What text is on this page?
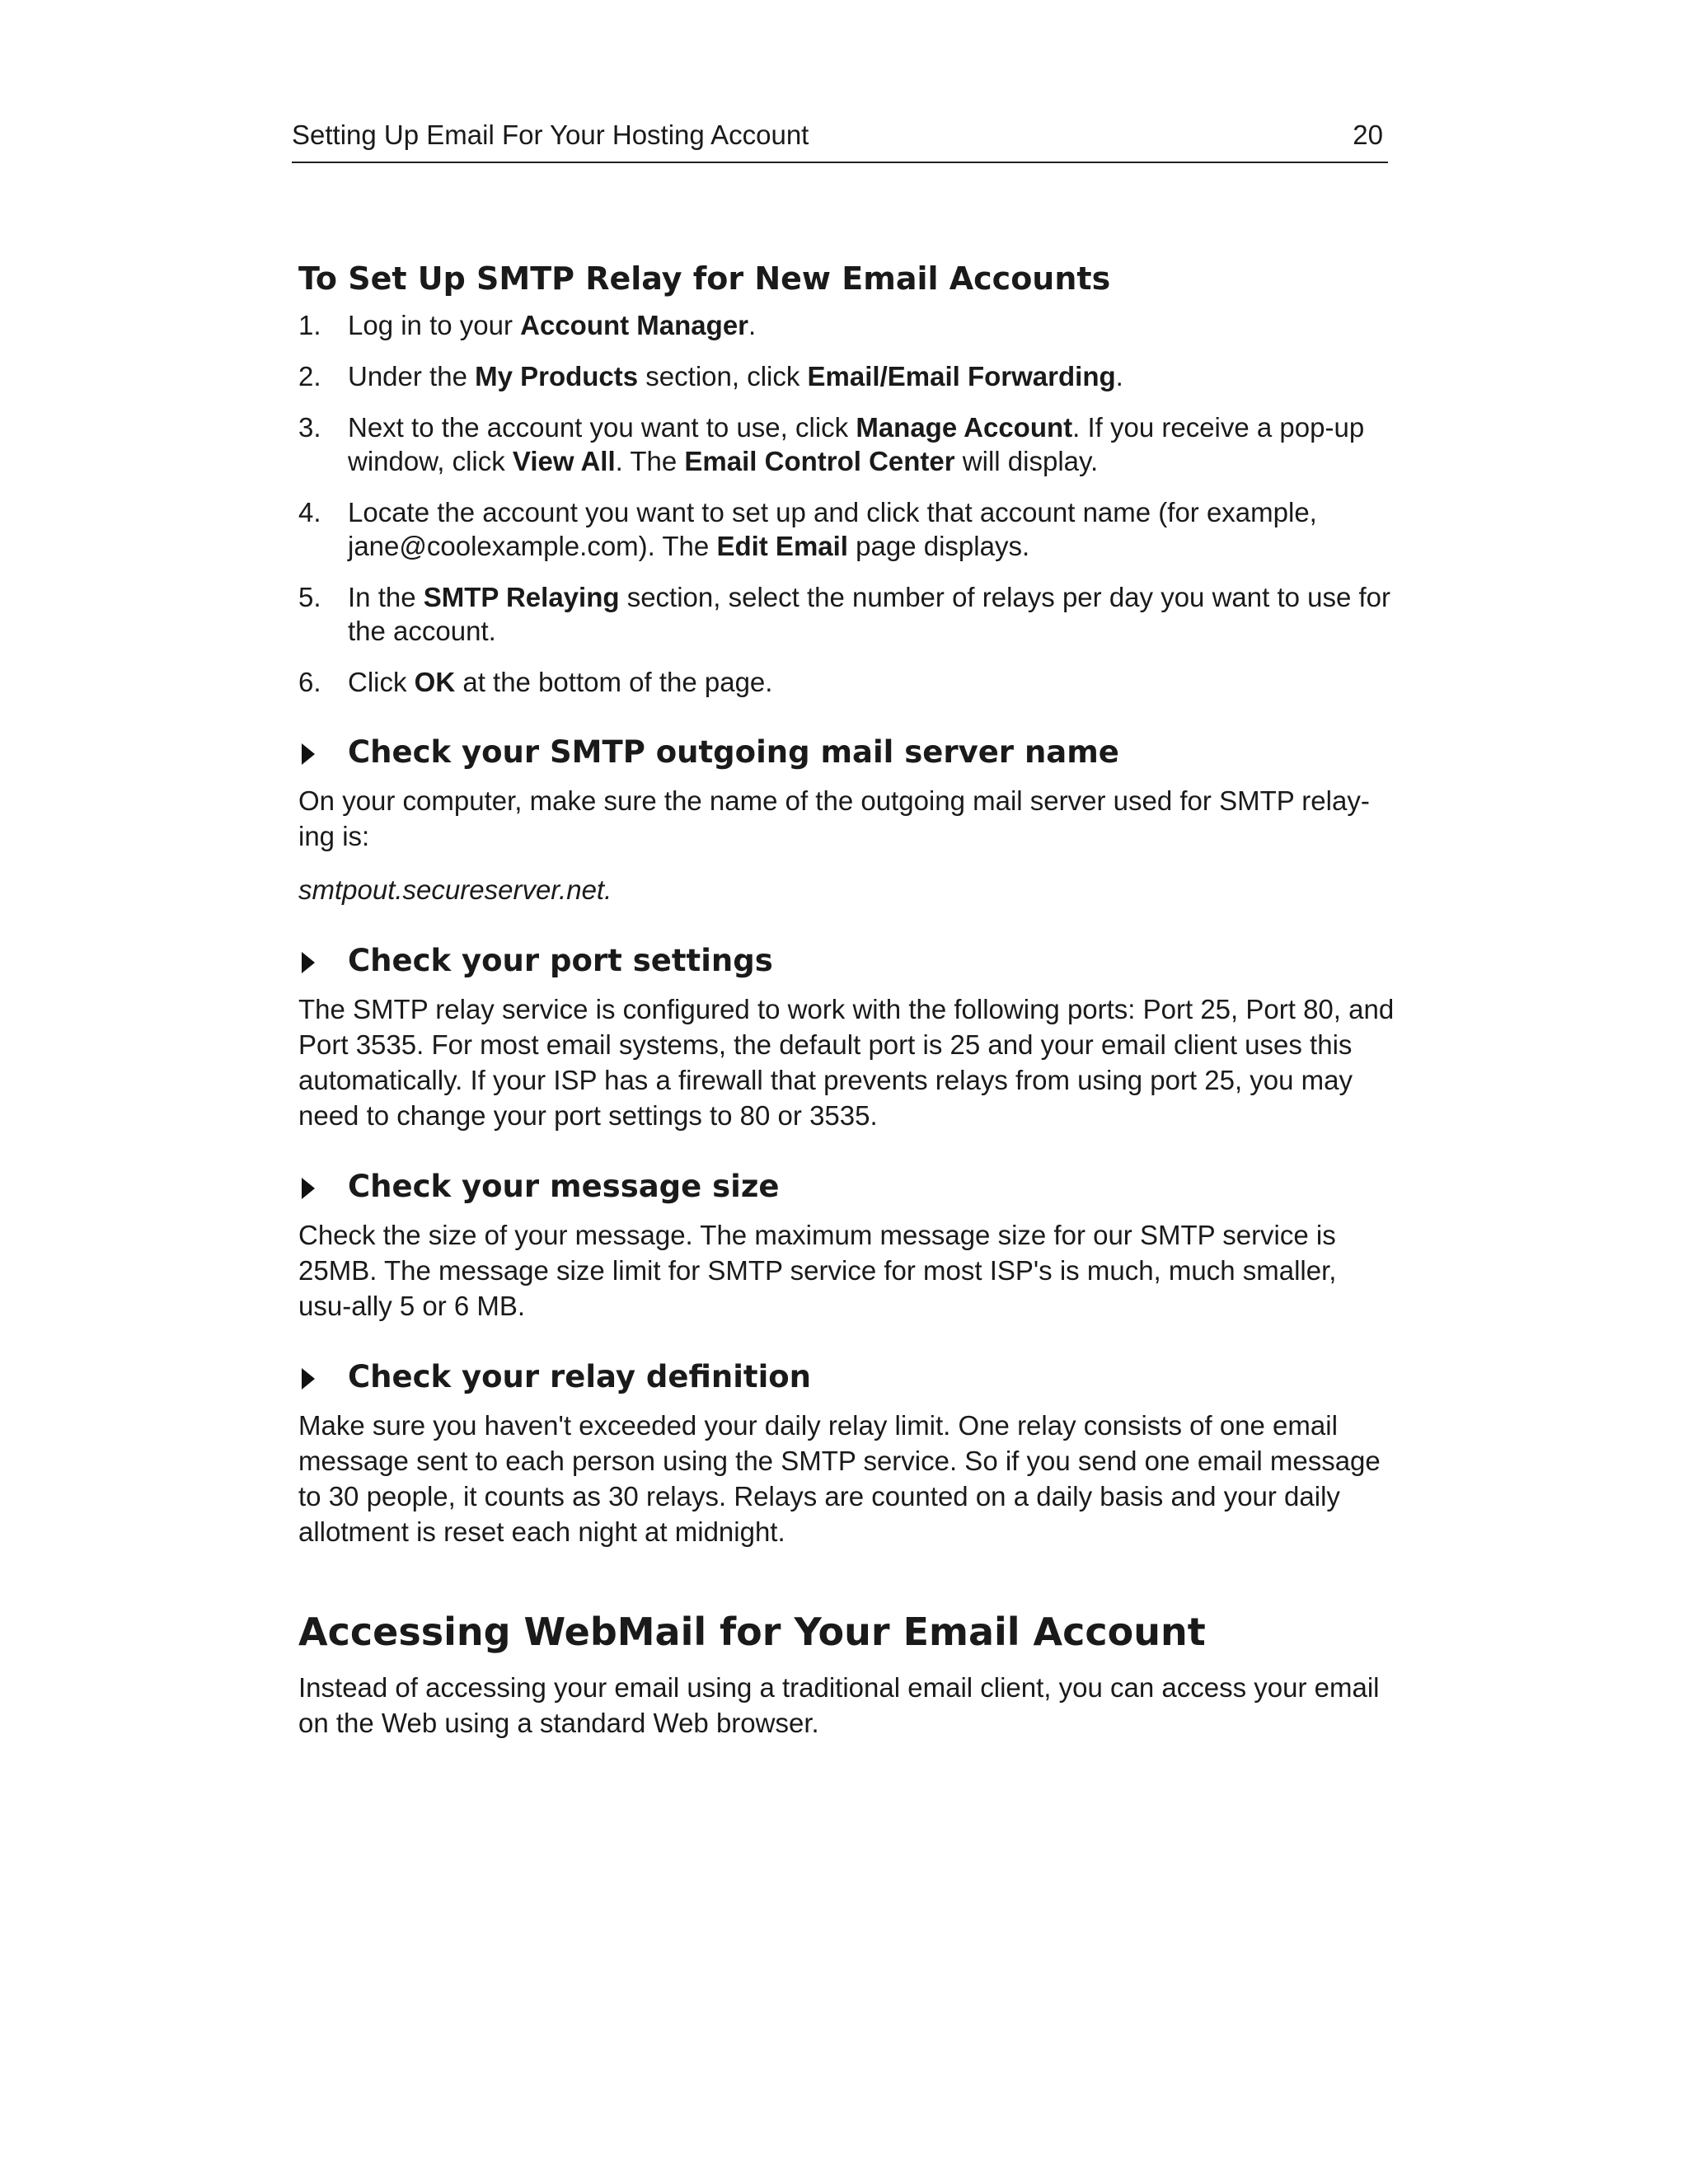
Setting Up Email For Your Hosting Account	20
To Set Up SMTP Relay for New Email Accounts
1. Log in to your Account Manager.
2. Under the My Products section, click Email/Email Forwarding.
3. Next to the account you want to use, click Manage Account. If you receive a pop-up window, click View All. The Email Control Center will display.
4. Locate the account you want to set up and click that account name (for example, jane@coolexample.com). The Edit Email page displays.
5. In the SMTP Relaying section, select the number of relays per day you want to use for the account.
6. Click OK at the bottom of the page.
Check your SMTP outgoing mail server name

On your computer, make sure the name of the outgoing mail server used for SMTP relay-ing is:

smtpout.secureserver.net.

Check your port settings

The SMTP relay service is configured to work with the following ports: Port 25, Port 80, and Port 3535. For most email systems, the default port is 25 and your email client uses this automatically. If your ISP has a firewall that prevents relays from using port 25, you may need to change your port settings to 80 or 3535.

Check your message size

Check the size of your message. The maximum message size for our SMTP service is 25MB. The message size limit for SMTP service for most ISP's is much, much smaller, usu-ally 5 or 6 MB.

Check your relay definition

Make sure you haven't exceeded your daily relay limit. One relay consists of one email message sent to each person using the SMTP service. So if you send one email message to 30 people, it counts as 30 relays. Relays are counted on a daily basis and your daily allotment is reset each night at midnight.

Accessing WebMail for Your Email Account

Instead of accessing your email using a traditional email client, you can access your email on the Web using a standard Web browser.
